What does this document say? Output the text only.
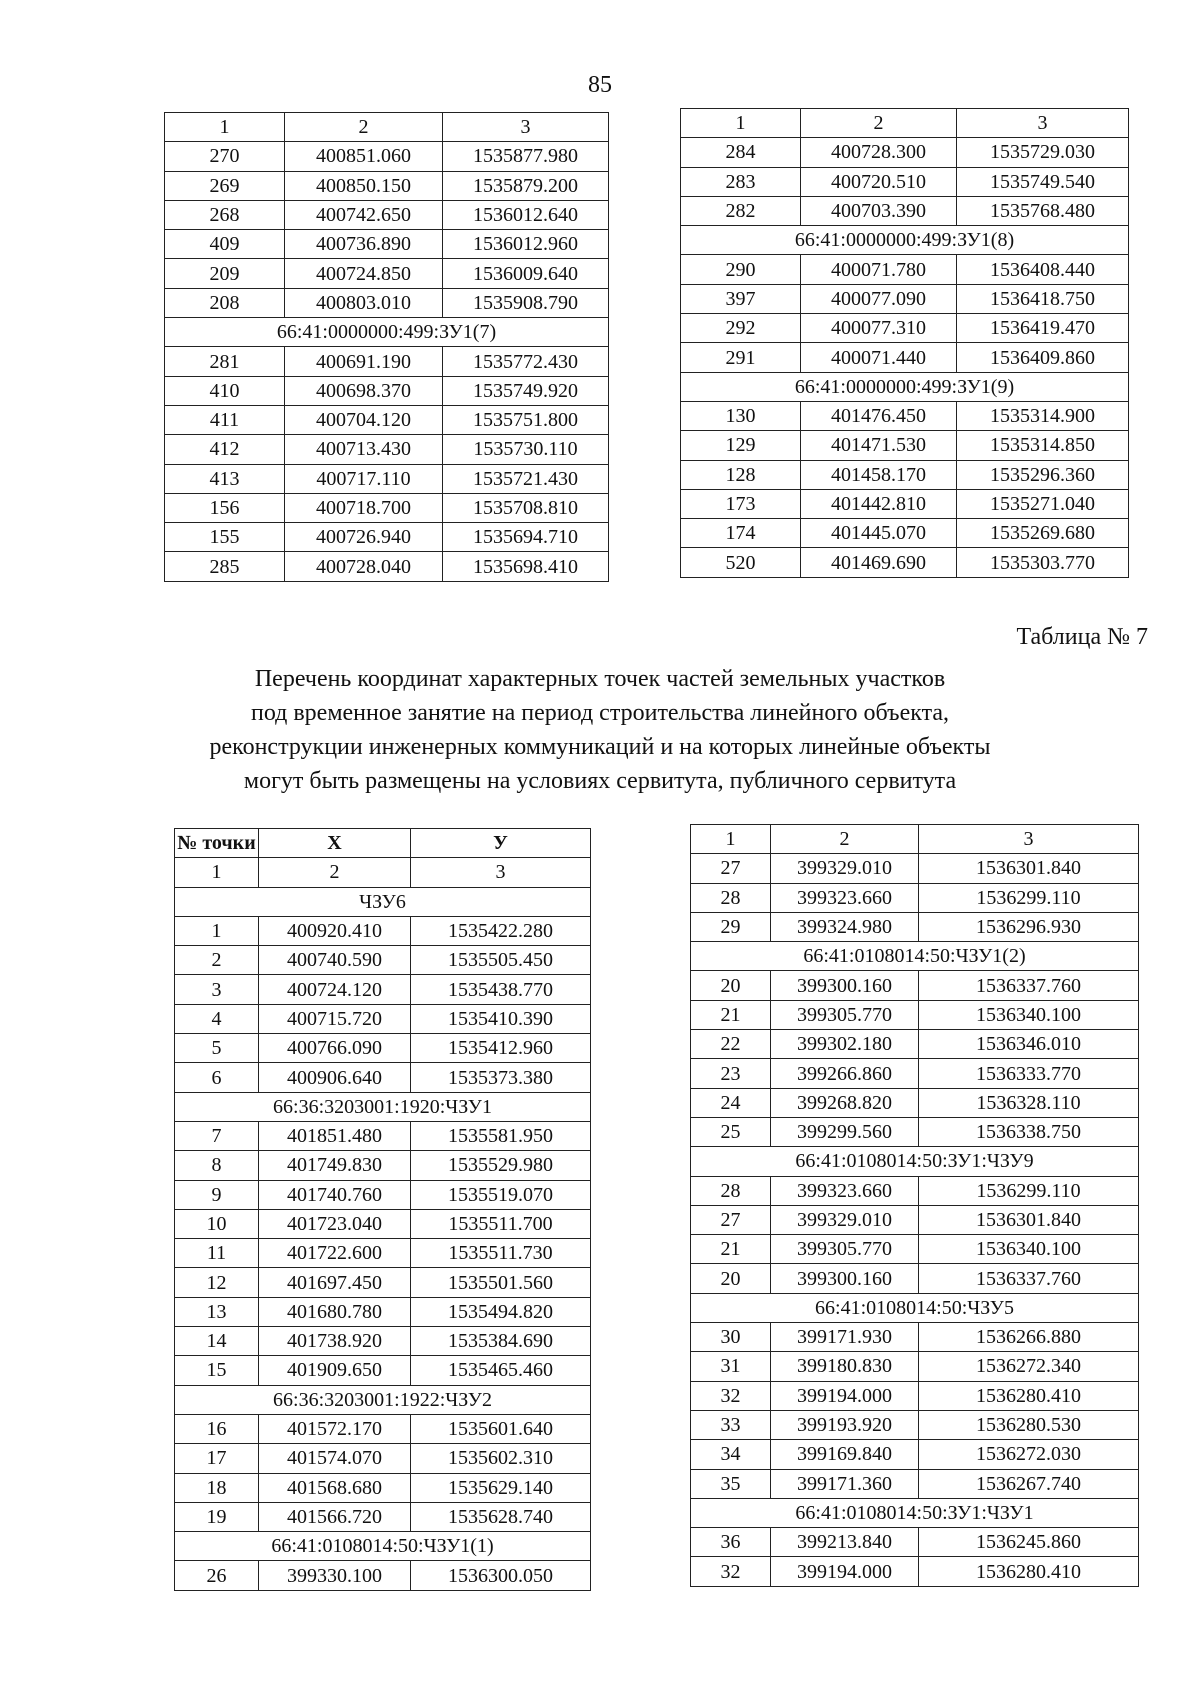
85
1	2	3
270	400851.060	1535877.980
269	400850.150	1535879.200
268	400742.650	1536012.640
409	400736.890	1536012.960
209	400724.850	1536009.640
208	400803.010	1535908.790
66:41:0000000:499:ЗУ1(7)		
281	400691.190	1535772.430
410	400698.370	1535749.920
411	400704.120	1535751.800
412	400713.430	1535730.110
413	400717.110	1535721.430
156	400718.700	1535708.810
155	400726.940	1535694.710
285	400728.040	1535698.410
1	2	3
284	400728.300	1535729.030
283	400720.510	1535749.540
282	400703.390	1535768.480
66:41:0000000:499:ЗУ1(8)		
290	400071.780	1536408.440
397	400077.090	1536418.750
292	400077.310	1536419.470
291	400071.440	1536409.860
66:41:0000000:499:ЗУ1(9)		
130	401476.450	1535314.900
129	401471.530	1535314.850
128	401458.170	1535296.360
173	401442.810	1535271.040
174	401445.070	1535269.680
520	401469.690	1535303.770
Таблица № 7
Перечень координат характерных точек частей земельных участков
под временное занятие на период строительства линейного объекта,
реконструкции инженерных коммуникаций и на которых линейные объекты
могут быть размещены на условиях сервитута, публичного сервитута
№ точки	Х	У
1	2	3
ЧЗУ6		
1	400920.410	1535422.280
2	400740.590	1535505.450
3	400724.120	1535438.770
4	400715.720	1535410.390
5	400766.090	1535412.960
6	400906.640	1535373.380
66:36:3203001:1920:ЧЗУ1		
7	401851.480	1535581.950
8	401749.830	1535529.980
9	401740.760	1535519.070
10	401723.040	1535511.700
11	401722.600	1535511.730
12	401697.450	1535501.560
13	401680.780	1535494.820
14	401738.920	1535384.690
15	401909.650	1535465.460
66:36:3203001:1922:ЧЗУ2		
16	401572.170	1535601.640
17	401574.070	1535602.310
18	401568.680	1535629.140
19	401566.720	1535628.740
66:41:0108014:50:ЧЗУ1(1)		
26	399330.100	1536300.050
1	2	3
27	399329.010	1536301.840
28	399323.660	1536299.110
29	399324.980	1536296.930
66:41:0108014:50:ЧЗУ1(2)		
20	399300.160	1536337.760
21	399305.770	1536340.100
22	399302.180	1536346.010
23	399266.860	1536333.770
24	399268.820	1536328.110
25	399299.560	1536338.750
66:41:0108014:50:ЗУ1:ЧЗУ9		
28	399323.660	1536299.110
27	399329.010	1536301.840
21	399305.770	1536340.100
20	399300.160	1536337.760
66:41:0108014:50:ЧЗУ5		
30	399171.930	1536266.880
31	399180.830	1536272.340
32	399194.000	1536280.410
33	399193.920	1536280.530
34	399169.840	1536272.030
35	399171.360	1536267.740
66:41:0108014:50:ЗУ1:ЧЗУ1		
36	399213.840	1536245.860
32	399194.000	1536280.410
